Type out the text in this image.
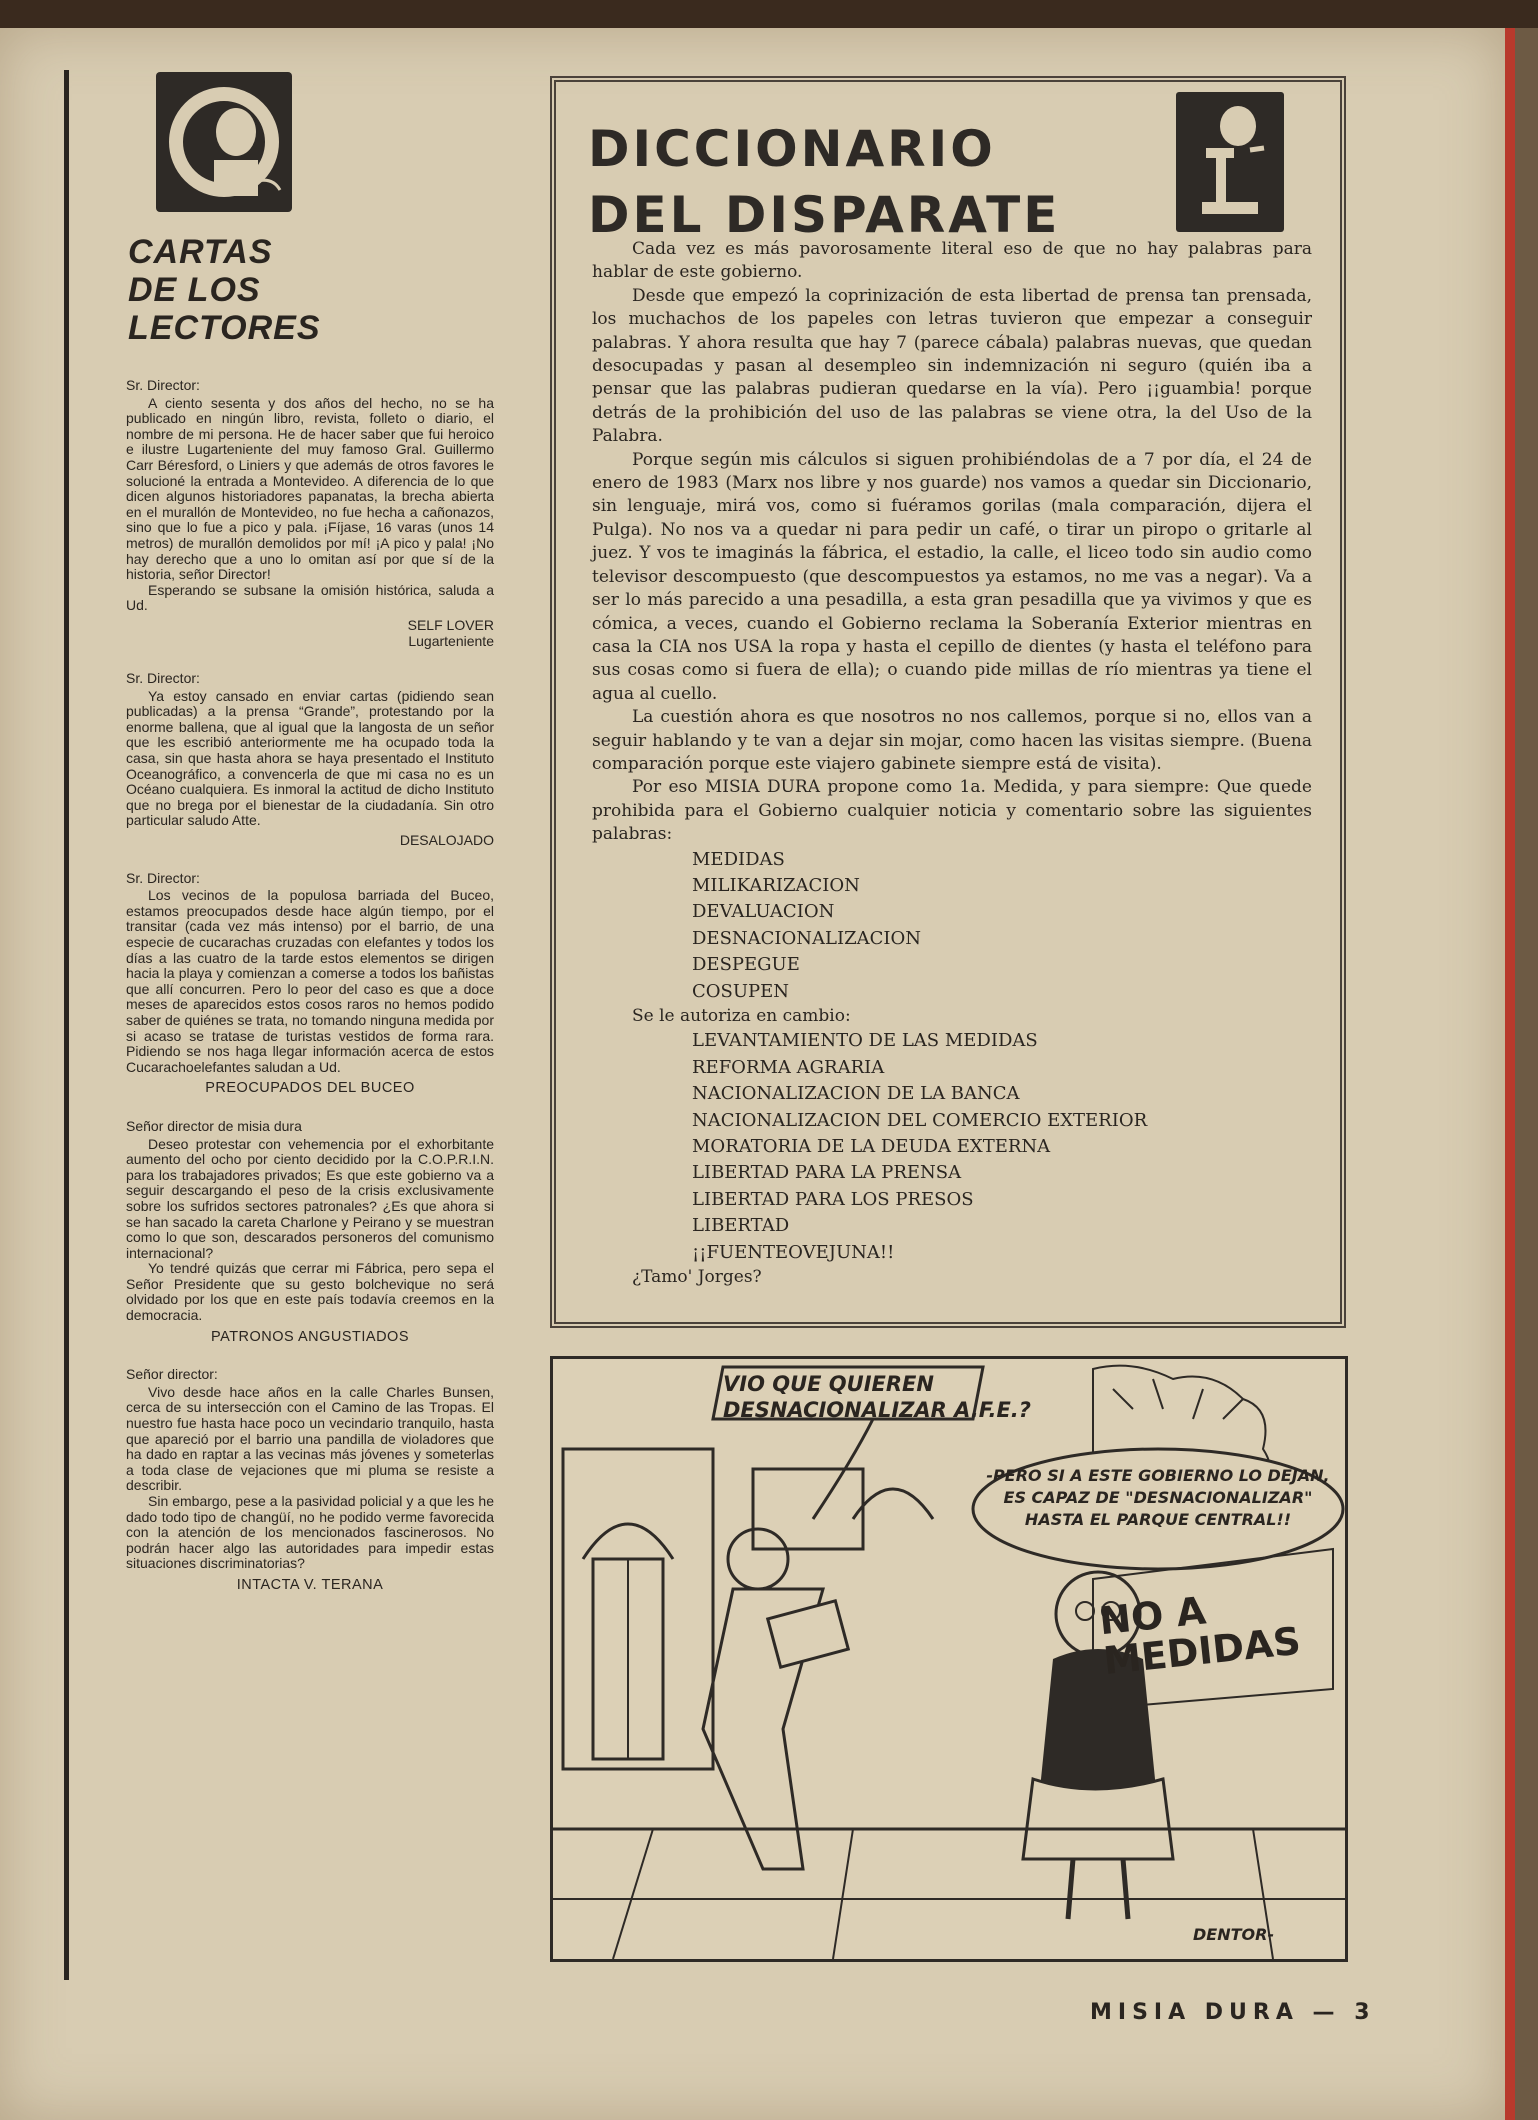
CARTAS
DE LOS
LECTORES
Sr. Director:

A ciento sesenta y dos años del hecho, no se ha publicado en ningún libro, revista, folleto o diario, el nombre de mi persona. He de hacer saber que fui heroico e ilustre Lugarteniente del muy famoso Gral. Guillermo Carr Béresford, o Liniers y que además de otros favores le solucioné la entrada a Montevideo. A diferencia de lo que dicen algunos historiadores papanatas, la brecha abierta en el murallón de Montevideo, no fue hecha a cañonazos, sino que lo fue a pico y pala. ¡Fíjase, 16 varas (unos 14 metros) de murallón demolidos por mí! ¡A pico y pala! ¡No hay derecho que a uno lo omitan así por que sí de la historia, señor Director!

Esperando se subsane la omisión histórica, saluda a Ud.

SELF LOVER
Lugarteniente
Sr. Director:

Ya estoy cansado en enviar cartas (pidiendo sean publicadas) a la prensa “Grande”, protestando por la enorme ballena, que al igual que la langosta de un señor que les escribió anteriormente me ha ocupado toda la casa, sin que hasta ahora se haya presentado el Instituto Oceanográfico, a convencerla de que mi casa no es un Océano cualquiera. Es inmoral la actitud de dicho Instituto que no brega por el bienestar de la ciudadanía. Sin otro particular saludo Atte.

DESALOJADO
Sr. Director:

Los vecinos de la populosa barriada del Buceo, estamos preocupados desde hace algún tiempo, por el transitar (cada vez más intenso) por el barrio, de una especie de cucarachas cruzadas con elefantes y todos los días a las cuatro de la tarde estos elementos se dirigen hacia la playa y comienzan a comerse a todos los bañistas que allí concurren. Pero lo peor del caso es que a doce meses de aparecidos estos cosos raros no hemos podido saber de quiénes se trata, no tomando ninguna medida por si acaso se tratase de turistas vestidos de forma rara. Pidiendo se nos haga llegar información acerca de estos Cucarachoelefantes saludan a Ud.

PREOCUPADOS DEL BUCEO
Señor director de misia dura

Deseo protestar con vehemencia por el exhorbitante aumento del ocho por ciento decidido por la C.O.P.R.I.N. para los trabajadores privados; Es que este gobierno va a seguir descargando el peso de la crisis exclusivamente sobre los sufridos sectores patronales? ¿Es que ahora si se han sacado la careta Charlone y Peirano y se muestran como lo que son, descarados personeros del comunismo internacional?

Yo tendré quizás que cerrar mi Fábrica, pero sepa el Señor Presidente que su gesto bolchevique no será olvidado por los que en este país todavía creemos en la democracia.

PATRONOS ANGUSTIADOS
Señor director:

Vivo desde hace años en la calle Charles Bunsen, cerca de su intersección con el Camino de las Tropas. El nuestro fue hasta hace poco un vecindario tranquilo, hasta que apareció por el barrio una pandilla de violadores que ha dado en raptar a las vecinas más jóvenes y someterlas a toda clase de vejaciones que mi pluma se resiste a describir.

Sin embargo, pese a la pasividad policial y a que les he dado todo tipo de changüí, no he podido verme favorecida con la atención de los mencionados fascinerosos. No podrán hacer algo las autoridades para impedir estas situaciones discriminatorias?

INTACTA V. TERANA
DICCIONARIO
DEL DISPARATE

Cada vez es más pavorosamente literal eso de que no hay palabras para hablar de este gobierno.

Desde que empezó la coprinización de esta libertad de prensa tan prensada, los muchachos de los papeles con letras tuvieron que empezar a conseguir palabras. Y ahora resulta que hay 7 (parece cábala) palabras nuevas, que quedan desocupadas y pasan al desempleo sin indemnización ni seguro (quién iba a pensar que las palabras pudieran quedarse en la vía). Pero ¡¡guambia! porque detrás de la prohibición del uso de las palabras se viene otra, la del Uso de la Palabra.

Porque según mis cálculos si siguen prohibiéndolas de a 7 por día, el 24 de enero de 1983 (Marx nos libre y nos guarde) nos vamos a quedar sin Diccionario, sin lenguaje, mirá vos, como si fuéramos gorilas (mala comparación, dijera el Pulga). No nos va a quedar ni para pedir un café, o tirar un piropo o gritarle al juez. Y vos te imaginás la fábrica, el estadio, la calle, el liceo todo sin audio como televisor descompuesto (que descompuestos ya estamos, no me vas a negar). Va a ser lo más parecido a una pesadilla, a esta gran pesadilla que ya vivimos y que es cómica, a veces, cuando el Gobierno reclama la Soberanía Exterior mientras en casa la CIA nos USA la ropa y hasta el cepillo de dientes (y hasta el teléfono para sus cosas como si fuera de ella); o cuando pide millas de río mientras ya tiene el agua al cuello.

La cuestión ahora es que nosotros no nos callemos, porque si no, ellos van a seguir hablando y te van a dejar sin mojar, como hacen las visitas siempre. (Buena comparación porque este viajero gabinete siempre está de visita).

Por eso MISIA DURA propone como 1a. Medida, y para siempre: Que quede prohibida para el Gobierno cualquier noticia y comentario sobre las siguientes palabras:

MEDIDAS
MILIKARIZACION
DEVALUACION
DESNACIONALIZACION
DESPEGUE
COSUPEN

Se le autoriza en cambio:

LEVANTAMIENTO DE LAS MEDIDAS
REFORMA AGRARIA
NACIONALIZACION DE LA BANCA
NACIONALIZACION DEL COMERCIO EXTERIOR
MORATORIA DE LA DEUDA EXTERNA
LIBERTAD PARA LA PRENSA
LIBERTAD PARA LOS PRESOS
LIBERTAD
¡¡FUENTEOVEJUNA!!

¿Tamo' Jorges?

VIO QUE QUIEREN DESNACIONALIZAR A.F.E.?
-PERO SI A ESTE GOBIERNO LO DEJAN, ES CAPAZ DE "DESNACIONALIZAR" HASTA EL PARQUE CENTRAL!!
NO A
MEDIDAS
DENTOR-
MISIA DURA — 3
